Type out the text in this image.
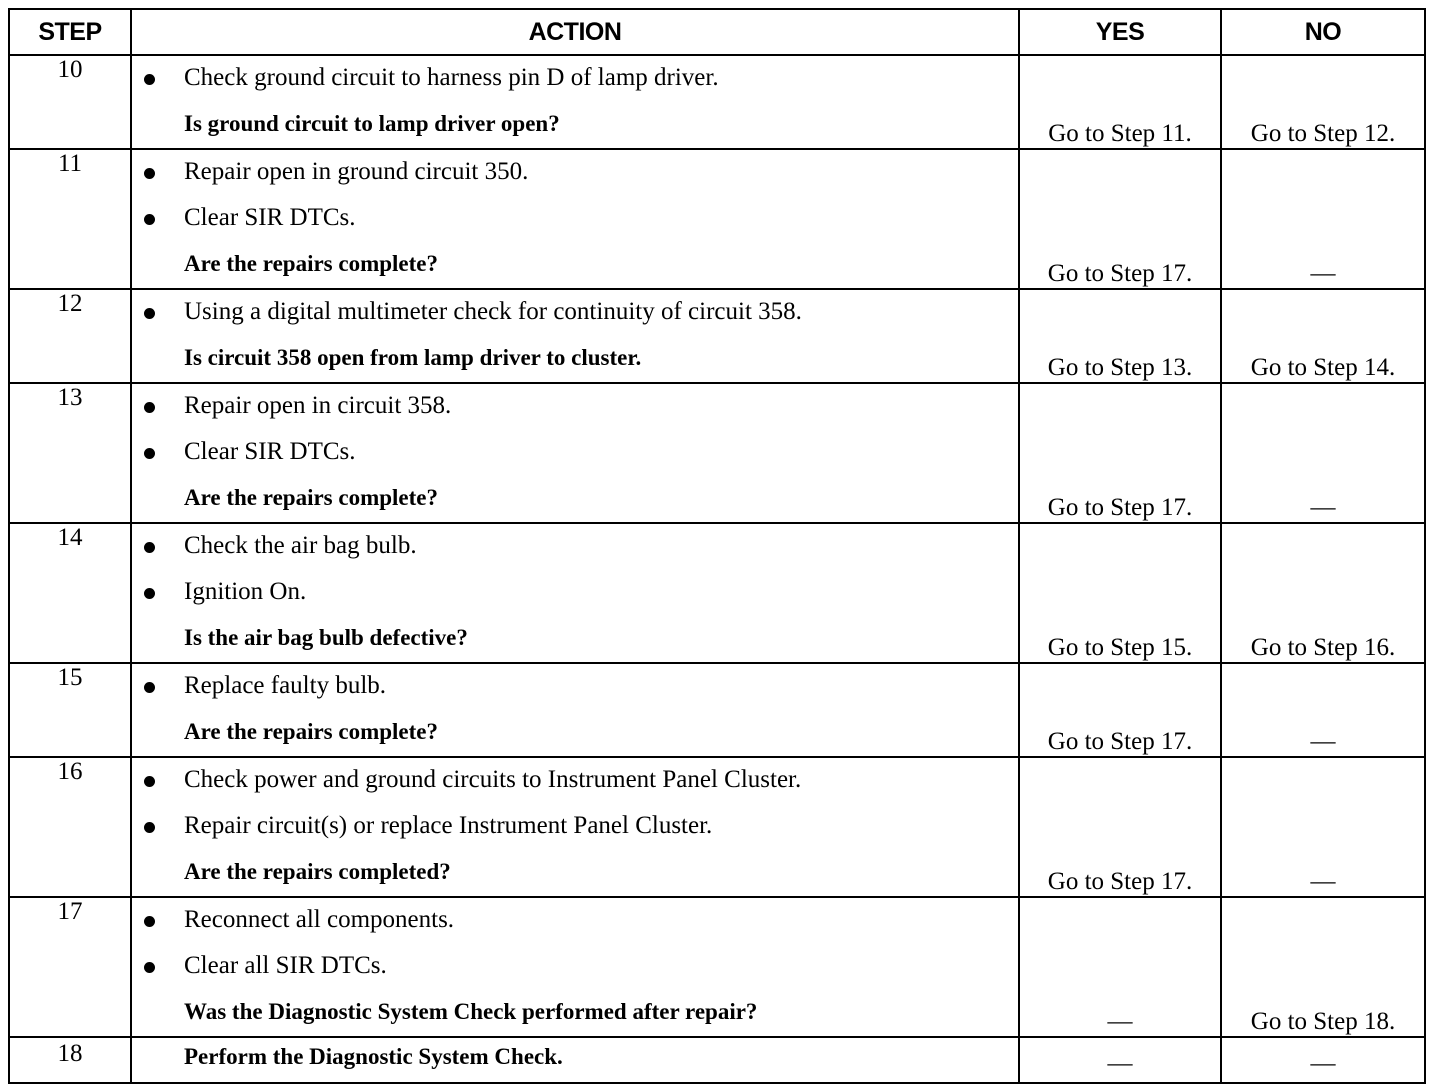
STEP	ACTION	YES	NO
10	Check ground circuit to harness pin D of lamp driver.
Is ground circuit to lamp driver open?	Go to Step 11.	Go to Step 12.
11	Repair open in ground circuit 350.
Clear SIR DTCs.
Are the repairs complete?	Go to Step 17.	—
12	Using a digital multimeter check for continuity of circuit 358.
Is circuit 358 open from lamp driver to cluster.	Go to Step 13.	Go to Step 14.
13	Repair open in circuit 358.
Clear SIR DTCs.
Are the repairs complete?	Go to Step 17.	—
14	Check the air bag bulb.
Ignition On.
Is the air bag bulb defective?	Go to Step 15.	Go to Step 16.
15	Replace faulty bulb.
Are the repairs complete?	Go to Step 17.	—
16	Check power and ground circuits to Instrument Panel Cluster.
Repair circuit(s) or replace Instrument Panel Cluster.
Are the repairs completed?	Go to Step 17.	—
17	Reconnect all components.
Clear all SIR DTCs.
Was the Diagnostic System Check performed after repair?	—	Go to Step 18.
18	Perform the Diagnostic System Check.	—	—
